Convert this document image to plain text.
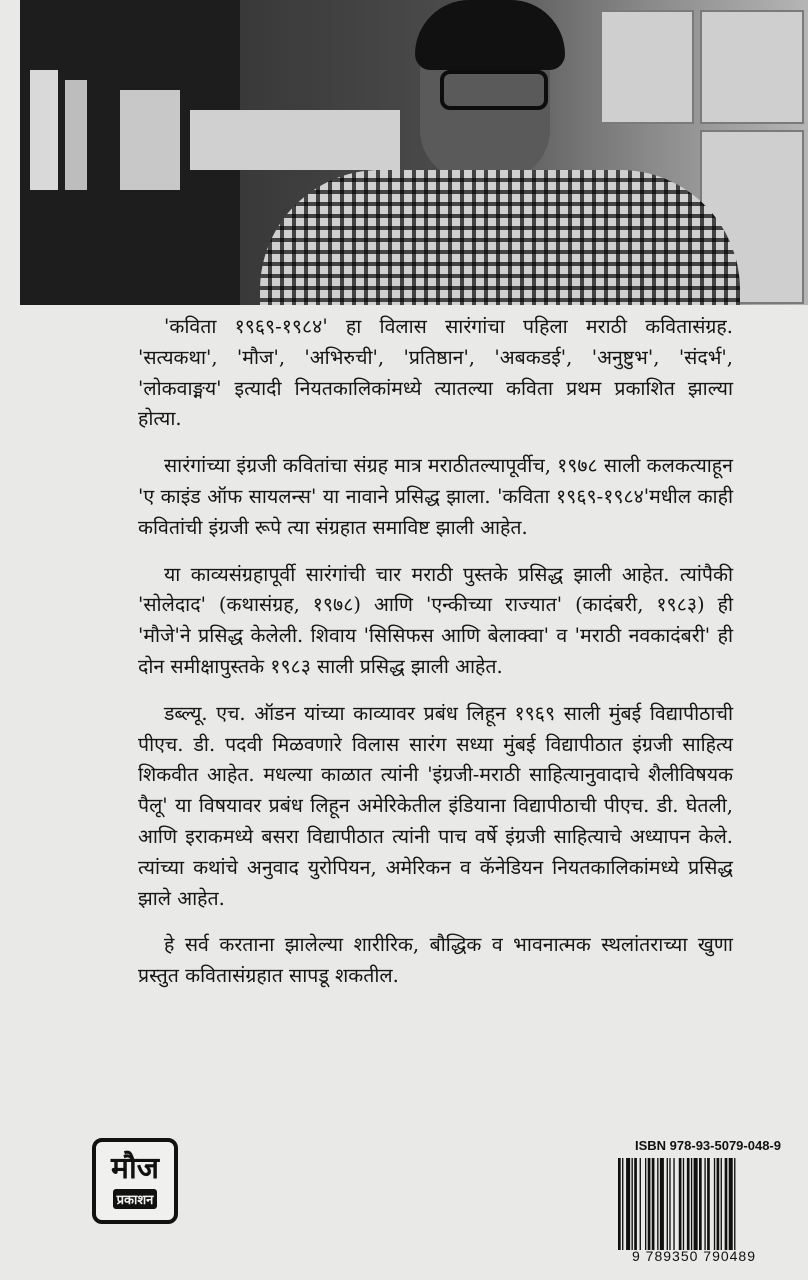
'कविता १९६९-१९८४' हा विलास सारंगांचा पहिला मराठी कवितासंग्रह. 'सत्यकथा', 'मौज', 'अभिरुची', 'प्रतिष्ठान', 'अबकडई', 'अनुष्टुभ', 'संदर्भ', 'लोकवाङ्मय' इत्यादी नियतकालिकांमध्ये त्यातल्या कविता प्रथम प्रकाशित झाल्या होत्या.

सारंगांच्या इंग्रजी कवितांचा संग्रह मात्र मराठीतल्यापूर्वीच, १९७८ साली कलकत्याहून 'ए काइंड ऑफ सायलन्स' या नावाने प्रसिद्ध झाला. 'कविता १९६९-१९८४'मधील काही कवितांची इंग्रजी रूपे त्या संग्रहात समाविष्ट झाली आहेत.

या काव्यसंग्रहापूर्वी सारंगांची चार मराठी पुस्तके प्रसिद्ध झाली आहेत. त्यांपैकी 'सोलेदाद' (कथासंग्रह, १९७८) आणि 'एन्कीच्या राज्यात' (कादंबरी, १९८३) ही 'मौजे'ने प्रसिद्ध केलेली. शिवाय 'सिसिफस आणि बेलाक्वा' व 'मराठी नवकादंबरी' ही दोन समीक्षापुस्तके १९८३ साली प्रसिद्ध झाली आहेत.

डब्ल्यू. एच. ऑडन यांच्या काव्यावर प्रबंध लिहून १९६९ साली मुंबई विद्यापीठाची पीएच. डी. पदवी मिळवणारे विलास सारंग सध्या मुंबई विद्यापीठात इंग्रजी साहित्य शिकवीत आहेत. मधल्या काळात त्यांनी 'इंग्रजी-मराठी साहित्यानुवादाचे शैलीविषयक पैलू' या विषयावर प्रबंध लिहून अमेरिकेतील इंडियाना विद्यापीठाची पीएच. डी. घेतली, आणि इराकमध्ये बसरा विद्यापीठात त्यांनी पाच वर्षे इंग्रजी साहित्याचे अध्यापन केले. त्यांच्या कथांचे अनुवाद युरोपियन, अमेरिकन व कॅनेडियन नियतकालिकांमध्ये प्रसिद्ध झाले आहेत.

हे सर्व करताना झालेल्या शारीरिक, बौद्धिक व भावनात्मक स्थलांतराच्या खुणा प्रस्तुत कवितासंग्रहात सापडू शकतील.

मौज
प्रकाशन
ISBN 978-93-5079-048-9
9 789350 790489
